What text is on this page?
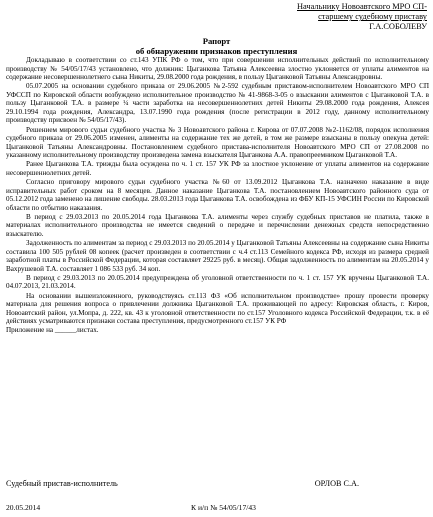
Начальнику Новоавтского МРО СП-
старшему судебному приставу
Г.А.СОБОЛЕВУ
Рапорт
об обнаружении признаков преступления

Докладываю в соответствии со ст.143 УПК РФ о том, что при совершении исполнительных действий по исполнительному производству № 54/05/17/43 установлено, что должник: Цыганкова Татьяна Алексеевна злостно уклоняется от уплаты алиментов на содержание несовершеннолетнего сына Никиты, 29.08.2000 года рождения, в пользу Цыганковой Татьяны Александровны.

05.07.2005 на основании судебного приказа от 29.06.2005 №2-592 судебным приставом-исполнителем Новоавтского МРО СП УФССП по Кировской области возбуждено исполнительное производство № 41-9868-3-05 о взыскании алиментов с Цыганковой Т.А. в пользу Цыганковой Т.А. в размере ¼ части заработка на несовершеннолетних детей Никиты 29.08.2000 года рождения, Алексея 29.10.1994 года рождения, Александра, 13.07.1990 года рождения (после регистрации в 2012 году, данному исполнительному производству присвоен № 54/05/17/43).

Решением мирового судьи судебного участка № 3 Новоавтского района г. Кирова от 07.07.2008 №2-1162/08, порядок исполнения судебного приказа от 29.06.2005 изменен, алименты на содержание тех же детей, в том же размере взысканы в пользу опекуна детей: Цыганковой Татьяны Александровны. Постановлением судебного пристава-исполнителя Новоавтского МРО СП от 27.08.2008 по указанному исполнительному производству произведена замена взыскателя Цыганкова А.А. правопреемником Цыганковой Т.А.

Ранее Цыганкова Т.А. трижды была осуждена по ч. 1 ст. 157 УК РФ за злостное уклонение от уплаты алиментов на содержание несовершеннолетних детей.

Согласно приговору мирового судьи судебного участка №60 от 13.09.2012 Цыганкова Т.А. назначено наказание в виде исправительных работ сроком на 8 месяцев. Данное наказание Цыганкова Т.А. постановлением Новоавтского районного суда от 05.12.2012 года заменено на лишение свободы. 28.03.2013 года Цыганкова Т.А. освобождена из ФБУ КП-15 УФСИН России по Кировской области по отбытию наказания.

В период с 29.03.2013 по 20.05.2014 года Цыганкова Т.А. алименты через службу судебных приставов не платила, также в материалах исполнительного производства не имеется сведений о передаче и перечислении денежных средств непосредственно взыскателю.

Задолженность по алиментам за период с 29.03.2013 по 20.05.2014 у Цыганковой Татьяны Алексеевны на содержание сына Никиты составила 100 505 рублей 08 копеек (расчет произведен в соответствии с ч.4 ст.113 Семейного кодекса РФ, исходя из размера средней заработной платы в Российской Федерации, которая составляет 29225 руб. в месяц). Общая задолженность по алиментам на 20.05.2014 у Вахрушевой Т.А. составляет 1 086 533 руб. 34 коп.

В период с 29.03.2013 по 20.05.2014 предупреждена об уголовной ответственности по ч. 1 ст. 157 УК вручены Цыганковой Т.А. 04.07.2013, 21.03.2014.

На основании вышеизложенного, руководствуясь ст.113 ФЗ «Об исполнительном производстве» прошу провести проверку материала для решения вопроса о привлечении должника Цыганковой Т.А. проживающей по адресу: Кировская область, г. Киров, Новоавтский район, ул.Мопра, д. 222, кв. 43 к уголовной ответственности по ст.157 Уголовного кодекса Российской Федерации, т.к. в её действиях усматриваются признаки состава преступления, предусмотренного ст.157 УК РФ

Приложение на ______листах.

Судебный пристав-исполнитель	ОРЛОВ С.А.
20.05.2014	К и/п № 54/05/17/43
